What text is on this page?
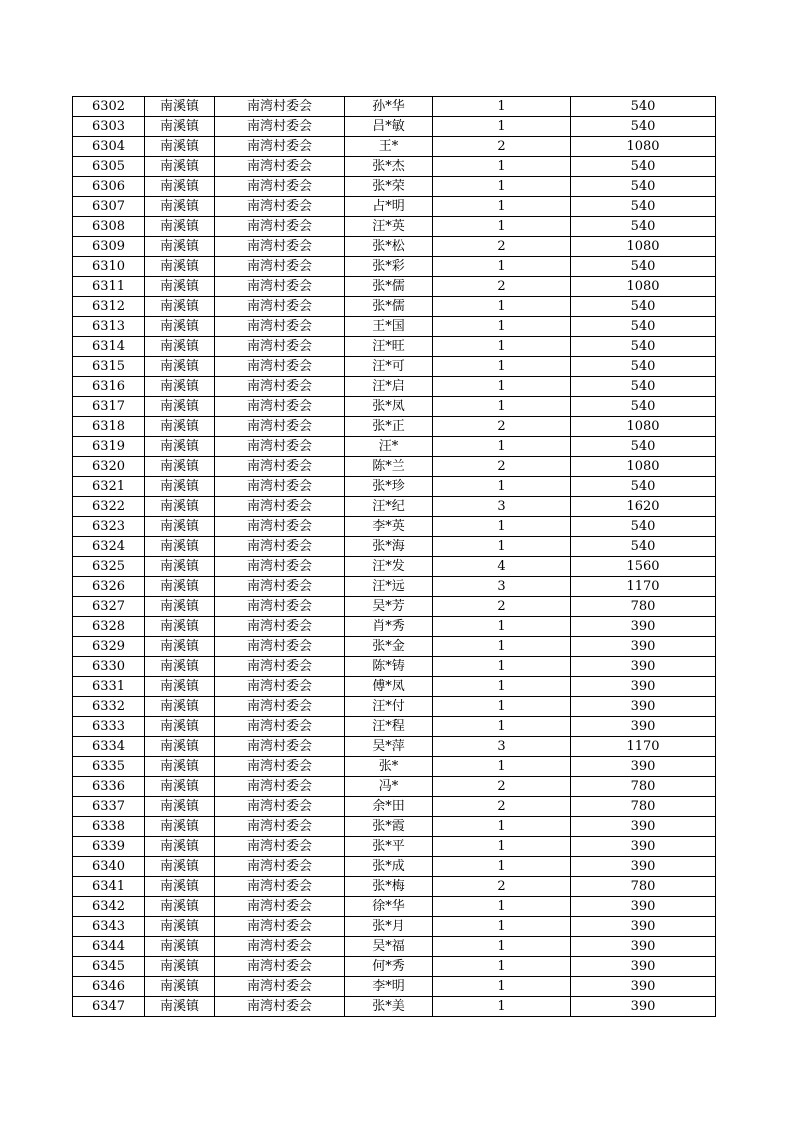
6302	南溪镇	南湾村委会	孙*华	1	540
6303	南溪镇	南湾村委会	吕*敏	1	540
6304	南溪镇	南湾村委会	王*	2	1080
6305	南溪镇	南湾村委会	张*杰	1	540
6306	南溪镇	南湾村委会	张*荣	1	540
6307	南溪镇	南湾村委会	占*明	1	540
6308	南溪镇	南湾村委会	汪*英	1	540
6309	南溪镇	南湾村委会	张*松	2	1080
6310	南溪镇	南湾村委会	张*彩	1	540
6311	南溪镇	南湾村委会	张*儒	2	1080
6312	南溪镇	南湾村委会	张*儒	1	540
6313	南溪镇	南湾村委会	王*国	1	540
6314	南溪镇	南湾村委会	汪*旺	1	540
6315	南溪镇	南湾村委会	汪*可	1	540
6316	南溪镇	南湾村委会	汪*启	1	540
6317	南溪镇	南湾村委会	张*凤	1	540
6318	南溪镇	南湾村委会	张*正	2	1080
6319	南溪镇	南湾村委会	汪*	1	540
6320	南溪镇	南湾村委会	陈*兰	2	1080
6321	南溪镇	南湾村委会	张*珍	1	540
6322	南溪镇	南湾村委会	汪*纪	3	1620
6323	南溪镇	南湾村委会	李*英	1	540
6324	南溪镇	南湾村委会	张*海	1	540
6325	南溪镇	南湾村委会	汪*发	4	1560
6326	南溪镇	南湾村委会	汪*远	3	1170
6327	南溪镇	南湾村委会	吴*芳	2	780
6328	南溪镇	南湾村委会	肖*秀	1	390
6329	南溪镇	南湾村委会	张*金	1	390
6330	南溪镇	南湾村委会	陈*铸	1	390
6331	南溪镇	南湾村委会	傅*凤	1	390
6332	南溪镇	南湾村委会	汪*付	1	390
6333	南溪镇	南湾村委会	汪*程	1	390
6334	南溪镇	南湾村委会	吴*萍	3	1170
6335	南溪镇	南湾村委会	张*	1	390
6336	南溪镇	南湾村委会	冯*	2	780
6337	南溪镇	南湾村委会	余*田	2	780
6338	南溪镇	南湾村委会	张*霞	1	390
6339	南溪镇	南湾村委会	张*平	1	390
6340	南溪镇	南湾村委会	张*成	1	390
6341	南溪镇	南湾村委会	张*梅	2	780
6342	南溪镇	南湾村委会	徐*华	1	390
6343	南溪镇	南湾村委会	张*月	1	390
6344	南溪镇	南湾村委会	吴*福	1	390
6345	南溪镇	南湾村委会	何*秀	1	390
6346	南溪镇	南湾村委会	李*明	1	390
6347	南溪镇	南湾村委会	张*美	1	390
